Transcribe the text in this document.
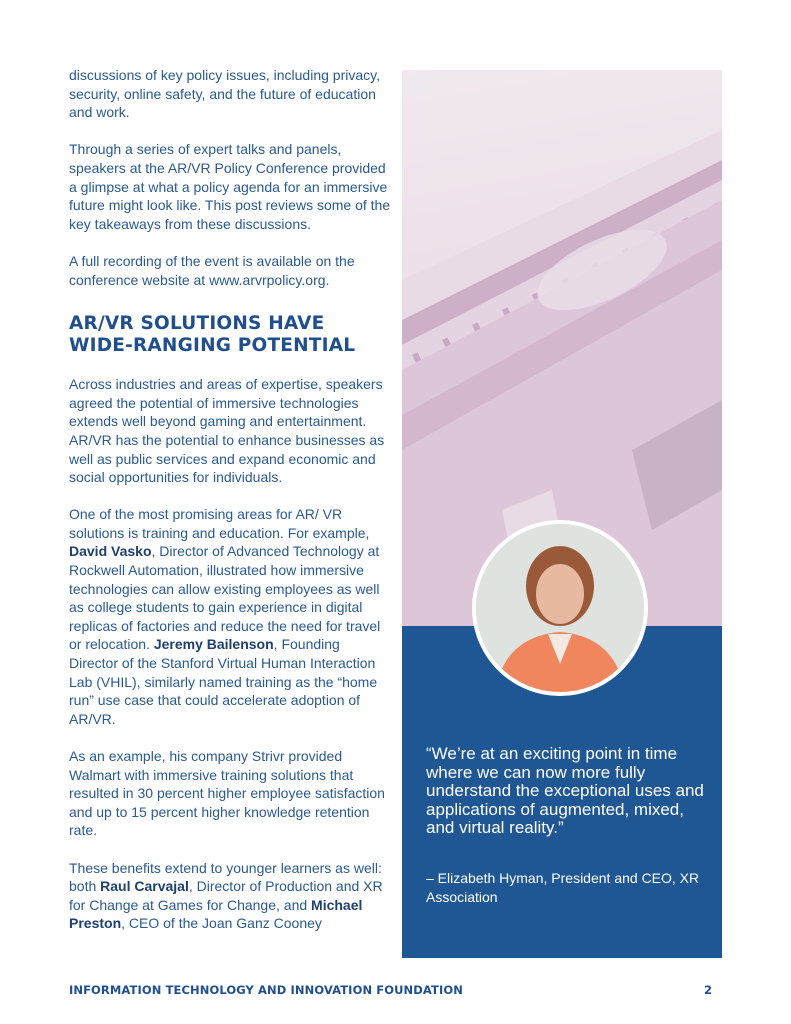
discussions of key policy issues, including privacy, security, online safety, and the future of education and work.

Through a series of expert talks and panels, speakers at the AR/VR Policy Conference provided a glimpse at what a policy agenda for an immersive future might look like. This post reviews some of the key takeaways from these discussions.

A full recording of the event is available on the conference website at www.arvrpolicy.org.

AR/VR SOLUTIONS HAVE
WIDE-RANGING POTENTIAL

Across industries and areas of expertise, speakers agreed the potential of immersive technologies extends well beyond gaming and entertainment. AR/VR has the potential to enhance businesses as well as public services and expand economic and social opportunities for individuals.

One of the most promising areas for AR/ VR solutions is training and education. For example, David Vasko, Director of Advanced Technology at Rockwell Automation, illustrated how immersive technologies can allow existing employees as well as college students to gain experience in digital replicas of factories and reduce the need for travel or relocation. Jeremy Bailenson, Founding Director of the Stanford Virtual Human Interaction Lab (VHIL), similarly named training as the “home run” use case that could accelerate adoption of AR/VR.

As an example, his company Strivr provided Walmart with immersive training solutions that resulted in 30 percent higher employee satisfaction and up to 15 percent higher knowledge retention rate.

These benefits extend to younger learners as well: both Raul Carvajal, Director of Production and XR for Change at Games for Change, and Michael Preston, CEO of the Joan Ganz Cooney

“We’re at an exciting point in time where we can now more fully understand the exceptional uses and applications of augmented, mixed, and virtual reality.”
– Elizabeth Hyman, President and CEO, XR Association
INFORMATION TECHNOLOGY AND INNOVATION FOUNDATION	2
